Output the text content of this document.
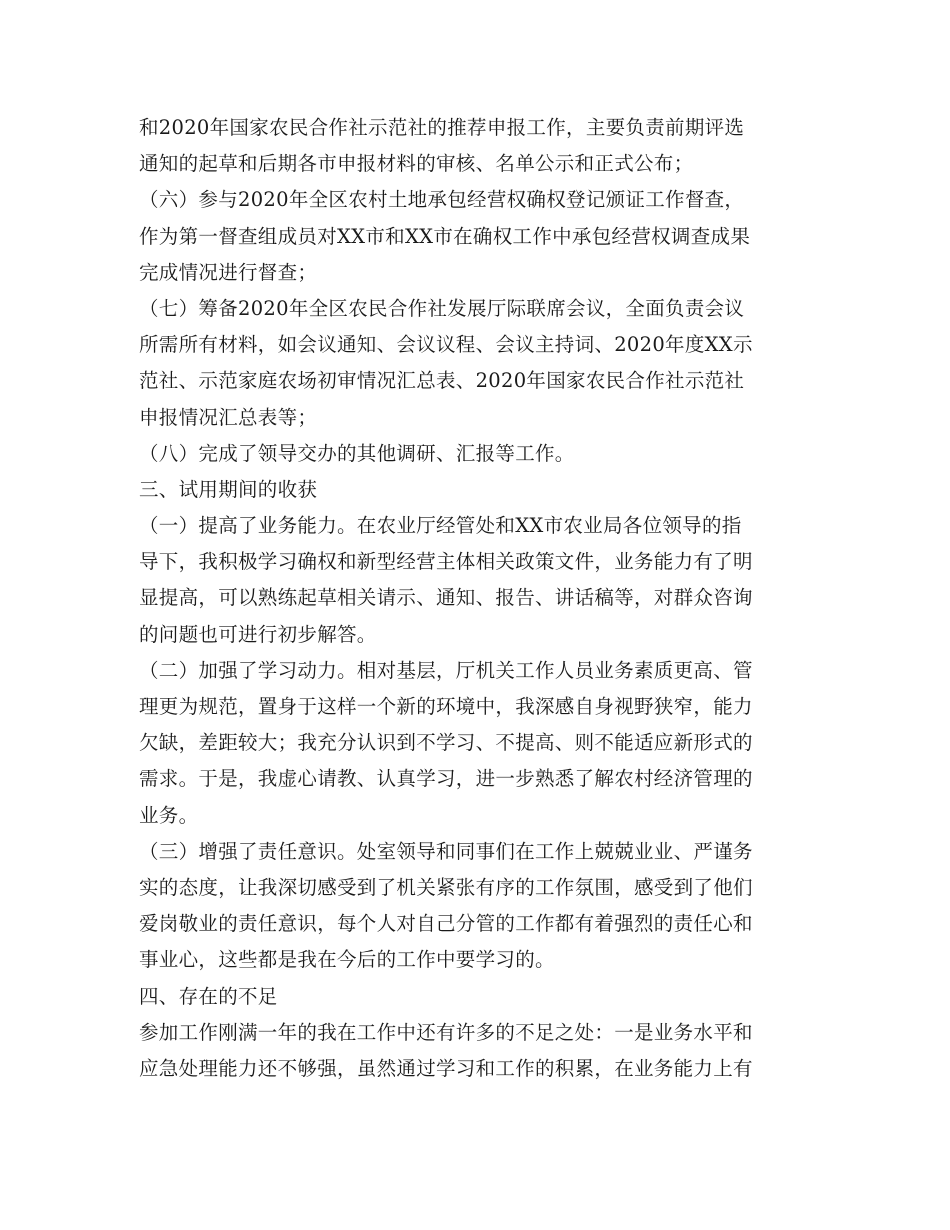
和2020年国家农民合作社示范社的推荐申报工作，主要负责前期评选
通知的起草和后期各市申报材料的审核、名单公示和正式公布；
（六）参与2020年全区农村土地承包经营权确权登记颁证工作督查，
作为第一督查组成员对XX市和XX市在确权工作中承包经营权调查成果
完成情况进行督查；
（七）筹备2020年全区农民合作社发展厅际联席会议，全面负责会议
所需所有材料，如会议通知、会议议程、会议主持词、2020年度XX示
范社、示范家庭农场初审情况汇总表、2020年国家农民合作社示范社
申报情况汇总表等；
（八）完成了领导交办的其他调研、汇报等工作。
三、试用期间的收获
（一）提高了业务能力。在农业厅经管处和XX市农业局各位领导的指
导下，我积极学习确权和新型经营主体相关政策文件，业务能力有了明
显提高，可以熟练起草相关请示、通知、报告、讲话稿等，对群众咨询
的问题也可进行初步解答。
（二）加强了学习动力。相对基层，厅机关工作人员业务素质更高、管
理更为规范，置身于这样一个新的环境中，我深感自身视野狭窄，能力
欠缺，差距较大；我充分认识到不学习、不提高、则不能适应新形式的
需求。于是，我虚心请教、认真学习，进一步熟悉了解农村经济管理的
业务。
（三）增强了责任意识。处室领导和同事们在工作上兢兢业业、严谨务
实的态度，让我深切感受到了机关紧张有序的工作氛围，感受到了他们
爱岗敬业的责任意识，每个人对自己分管的工作都有着强烈的责任心和
事业心，这些都是我在今后的工作中要学习的。
四、存在的不足
参加工作刚满一年的我在工作中还有许多的不足之处：一是业务水平和
应急处理能力还不够强，虽然通过学习和工作的积累，在业务能力上有
